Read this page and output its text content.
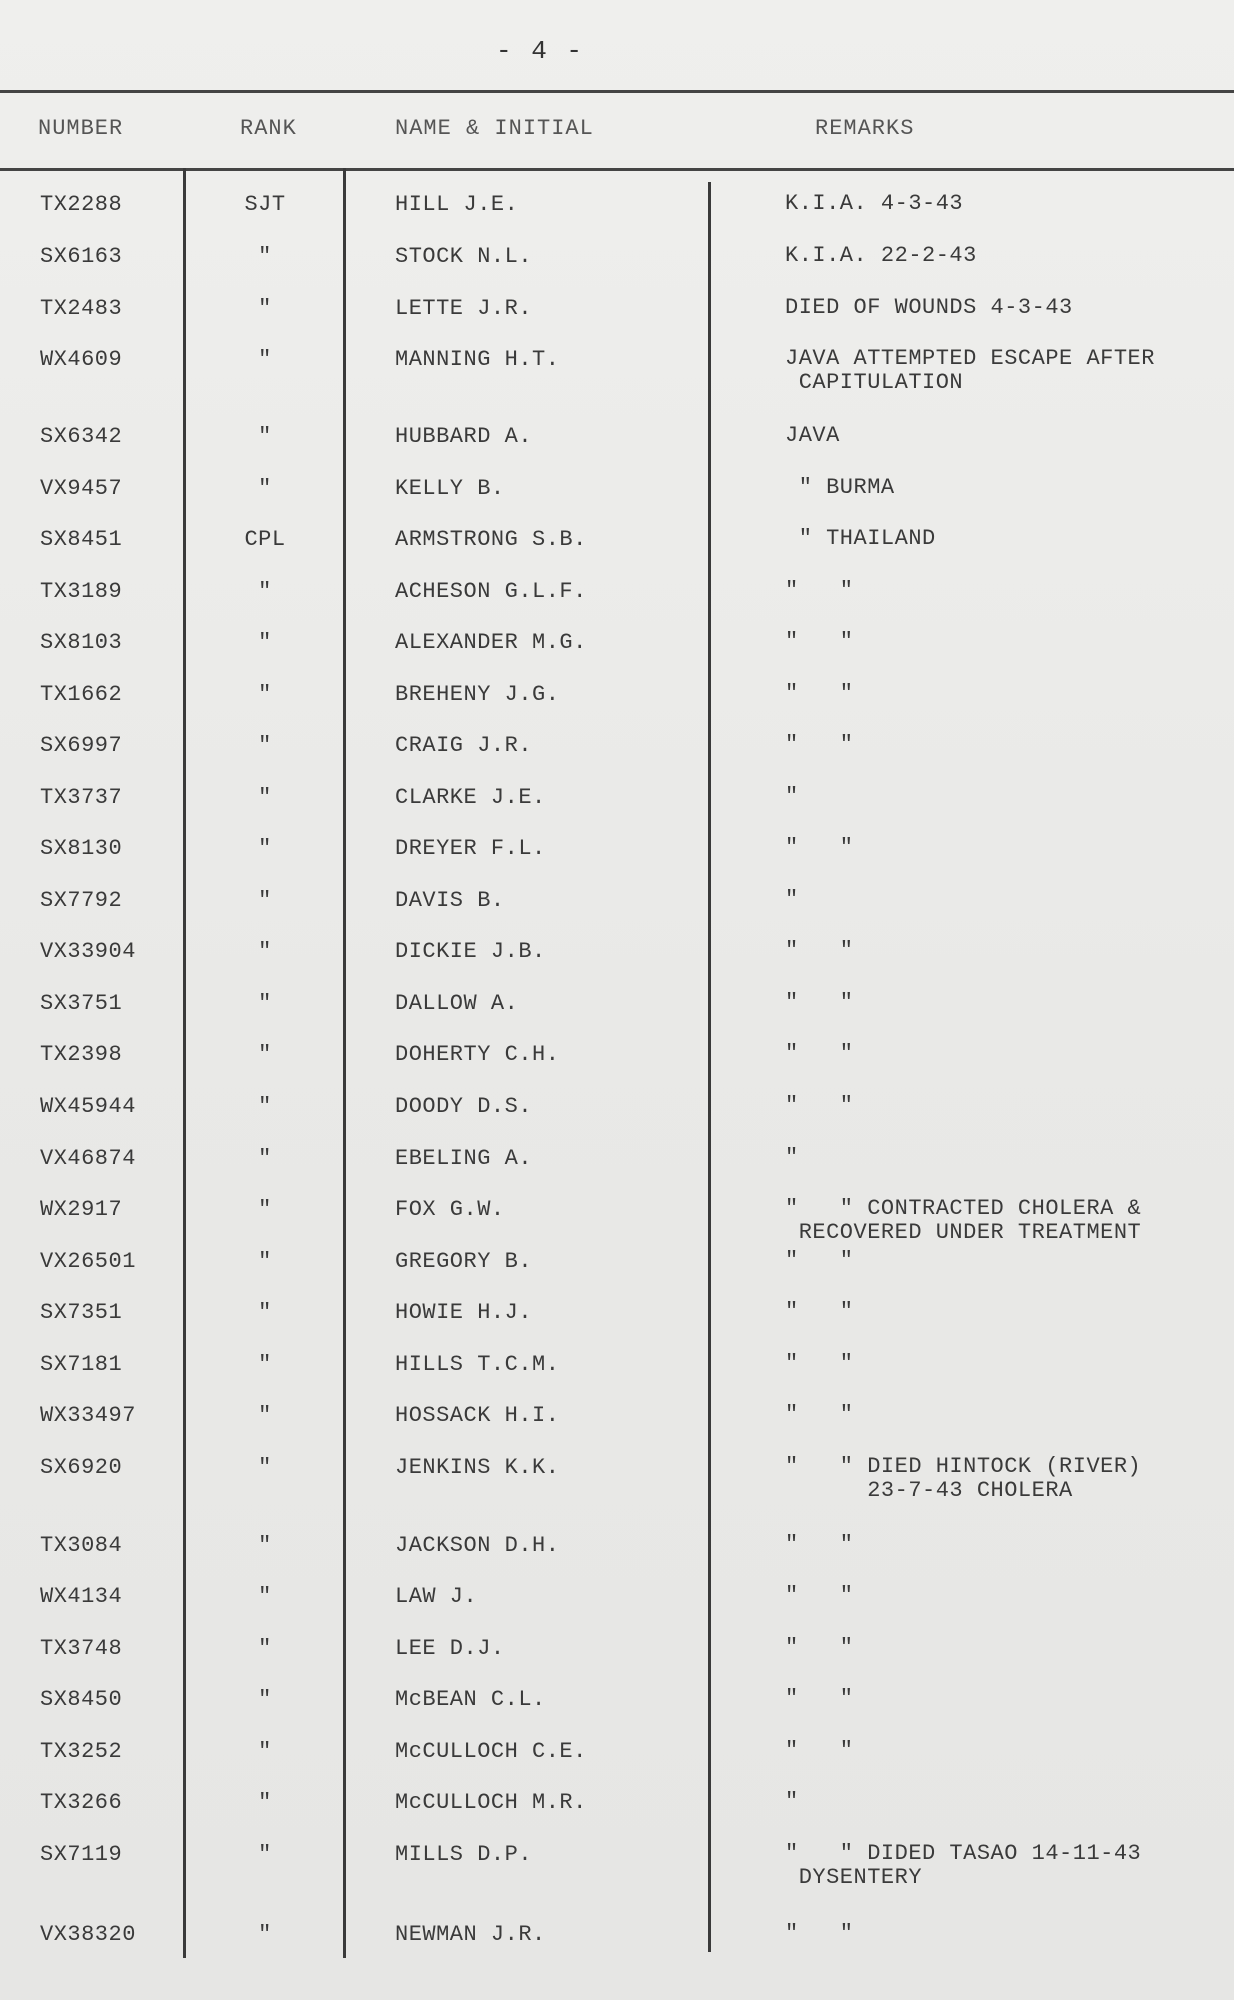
- 4 -
NUMBER	RANK	NAME & INITIAL	REMARKS
TX2288	SJT	HILL J.E.	K.I.A. 4-3-43
SX6163	"	STOCK N.L.	K.I.A. 22-2-43
TX2483	"	LETTE J.R.	DIED OF WOUNDS 4-3-43
WX4609	"	MANNING H.T.	JAVA ATTEMPTED ESCAPE AFTER
CAPITULATION
SX6342	"	HUBBARD A.	JAVA
VX9457	"	KELLY B.	" BURMA
SX8451	CPL	ARMSTRONG S.B.	" THAILAND
TX3189	"	ACHESON G.L.F.	"   "
SX8103	"	ALEXANDER M.G.	"   "
TX1662	"	BREHENY J.G.	"   "
SX6997	"	CRAIG J.R.	"   "
TX3737	"	CLARKE J.E.	"
SX8130	"	DREYER F.L.	"   "
SX7792	"	DAVIS B.	"
VX33904	"	DICKIE J.B.	"   "
SX3751	"	DALLOW A.	"   "
TX2398	"	DOHERTY C.H.	"   "
WX45944	"	DOODY D.S.	"   "
VX46874	"	EBELING A.	"
WX2917	"	FOX G.W.	"   " CONTRACTED CHOLERA &
RECOVERED UNDER TREATMENT
VX26501	"	GREGORY B.	"   "
SX7351	"	HOWIE H.J.	"   "
SX7181	"	HILLS T.C.M.	"   "
WX33497	"	HOSSACK H.I.	"   "
SX6920	"	JENKINS K.K.	"   " DIED HINTOCK (RIVER)
23-7-43 CHOLERA
TX3084	"	JACKSON D.H.	"   "
WX4134	"	LAW J.	"   "
TX3748	"	LEE D.J.	"   "
SX8450	"	McBEAN C.L.	"   "
TX3252	"	McCULLOCH C.E.	"   "
TX3266	"	McCULLOCH M.R.	"
SX7119	"	MILLS D.P.	"   " DIDED TASAO 14-11-43
DYSENTERY
VX38320	"	NEWMAN J.R.	"   "
